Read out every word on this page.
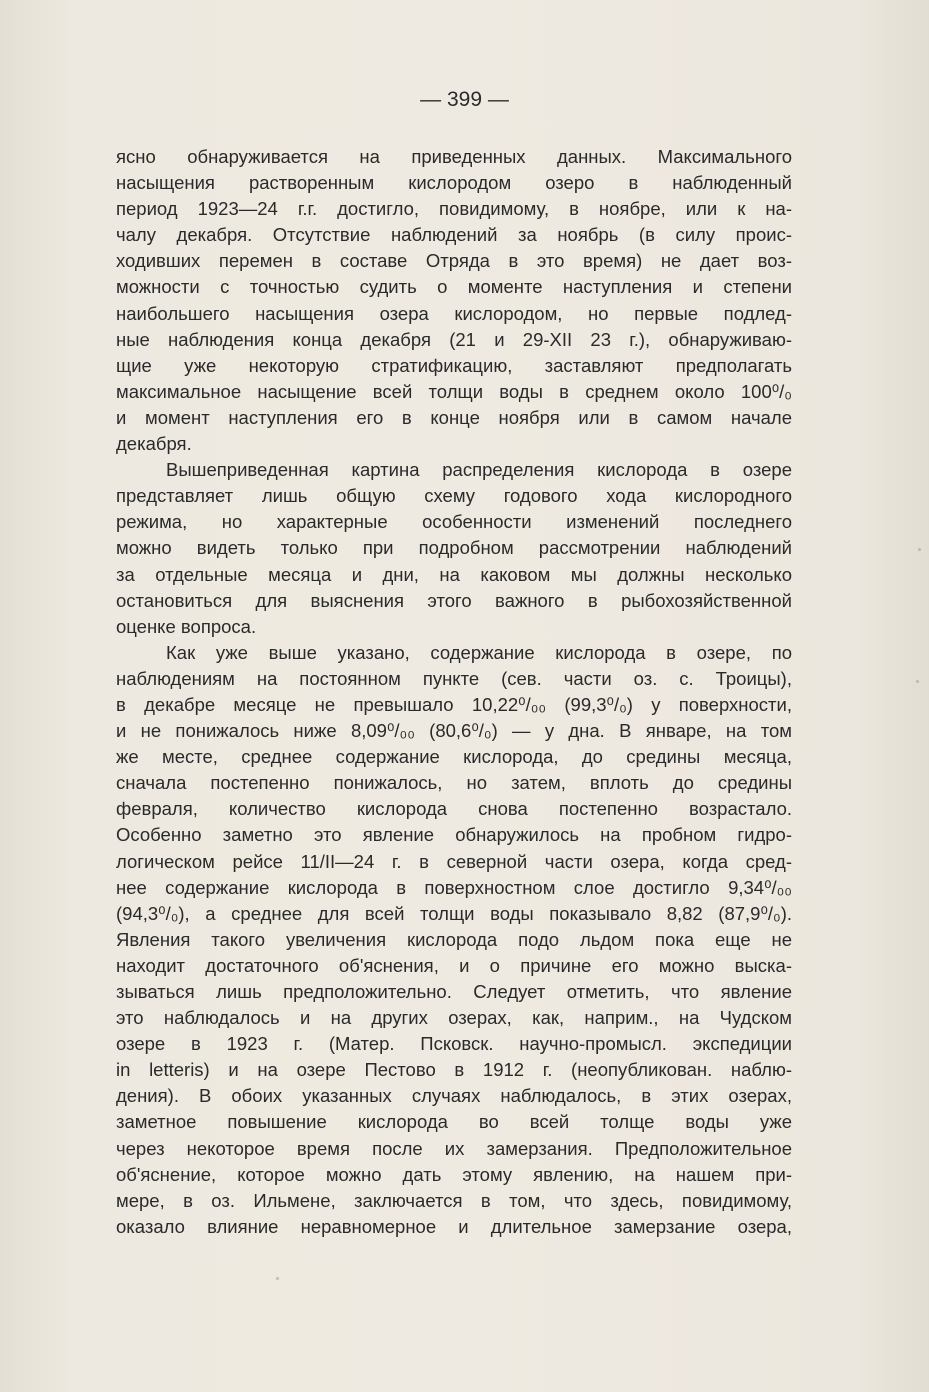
— 399 —
ясно обнаруживается на приведенных данных. Максимального
насыщения растворенным кислородом озеро в наблюденный
период 1923—24 г.г. достигло, повидимому, в ноябре, или к на-
чалу декабря. Отсутствие наблюдений за ноябрь (в силу проис-
ходивших перемен в составе Отряда в это время) не дает воз-
можности с точностью судить о моменте наступления и степени
наибольшего насыщения озера кислородом, но первые подлед-
ные наблюдения конца декабря (21 и 29-XII 23 г.), обнаруживаю-
щие уже некоторую стратификацию, заставляют предполагать
максимальное насыщение всей толщи воды в среднем около 100⁰/₀
и момент наступления его в конце ноября или в самом начале
декабря.
Вышеприведенная картина распределения кислорода в озере
представляет лишь общую схему годового хода кислородного
режима, но характерные особенности изменений последнего
можно видеть только при подробном рассмотрении наблюдений
за отдельные месяца и дни, на каковом мы должны несколько
остановиться для выяснения этого важного в рыбохозяйственной
оценке вопроса.
Как уже выше указано, содержание кислорода в озере, по
наблюдениям на постоянном пункте (сев. части оз. с. Троицы),
в декабре месяце не превышало 10,22⁰/₀₀ (99,3⁰/₀) у поверхности,
и не понижалось ниже 8,09⁰/₀₀ (80,6⁰/₀) — у дна. В январе, на том
же месте, среднее содержание кислорода, до средины месяца,
сначала постепенно понижалось, но затем, вплоть до средины
февраля, количество кислорода снова постепенно возрастало.
Особенно заметно это явление обнаружилось на пробном гидро-
логическом рейсе 11/II—24 г. в северной части озера, когда сред-
нее содержание кислорода в поверхностном слое достигло 9,34⁰/₀₀
(94,3⁰/₀), а среднее для всей толщи воды показывало 8,82 (87,9⁰/₀).
Явления такого увеличения кислорода подо льдом пока еще не
находит достаточного об'яснения, и о причине его можно выска-
зываться лишь предположительно. Следует отметить, что явление
это наблюдалось и на других озерах, как, наприм., на Чудском
озере в 1923 г. (Матер. Псковск. научно-промысл. экспедиции
in letteris) и на озере Пестово в 1912 г. (неопубликован. наблю-
дения). В обоих указанных случаях наблюдалось, в этих озерах,
заметное повышение кислорода во всей толще воды уже
через некоторое время после их замерзания. Предположительное
об'яснение, которое можно дать этому явлению, на нашем при-
мере, в оз. Ильмене, заключается в том, что здесь, повидимому,
оказало влияние неравномерное и длительное замерзание озера,
